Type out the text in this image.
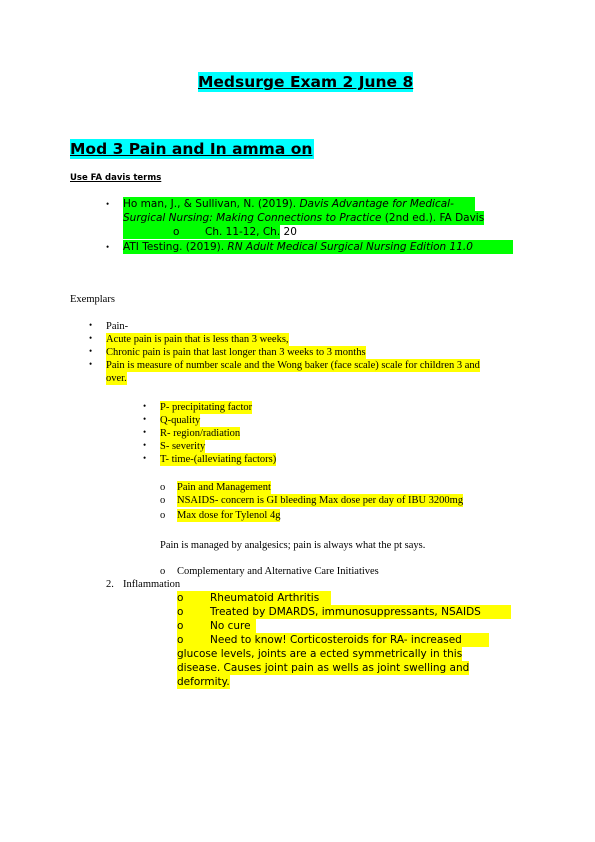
Medsurge Exam 2 June 8
Mod 3 Pain and In amma on
Use FA davis terms
• Ho man, J., & Sullivan, N. (2019). Davis Advantage for Medical-
Surgical Nursing: Making Connections to Practice (2nd ed.). FA Davis
o Ch. 11-12, Ch. 20

• ATI Testing. (2019). RN Adult Medical Surgical Nursing Edition 11.0
Exemplars
• Pain-
• Acute pain is pain that is less than 3 weeks,
• Chronic pain is pain that last longer than 3 weeks to 3 months
• Pain is measure of number scale and the Wong baker (face scale) scale for children 3 and
over.
• P- precipitating factor
• Q-quality
• R- region/radiation
• S- severity
• T- time-(alleviating factors)
o Pain and Management
o NSAIDS- concern is GI bleeding Max dose per day of IBU 3200mg
o Max dose for Tylenol 4g
Pain is managed by analgesics; pain is always what the pt says.
o Complementary and Alternative Care Initiatives
2. Inflammation
o	Rheumatoid Arthritis
o	Treated by DMARDS, immunosuppressants, NSAIDS
o	No cure
o	Need to know! Corticosteroids for RA- increased
glucose levels, joints are a ected symmetrically in this
disease. Causes joint pain as wells as joint swelling and
deformity.
